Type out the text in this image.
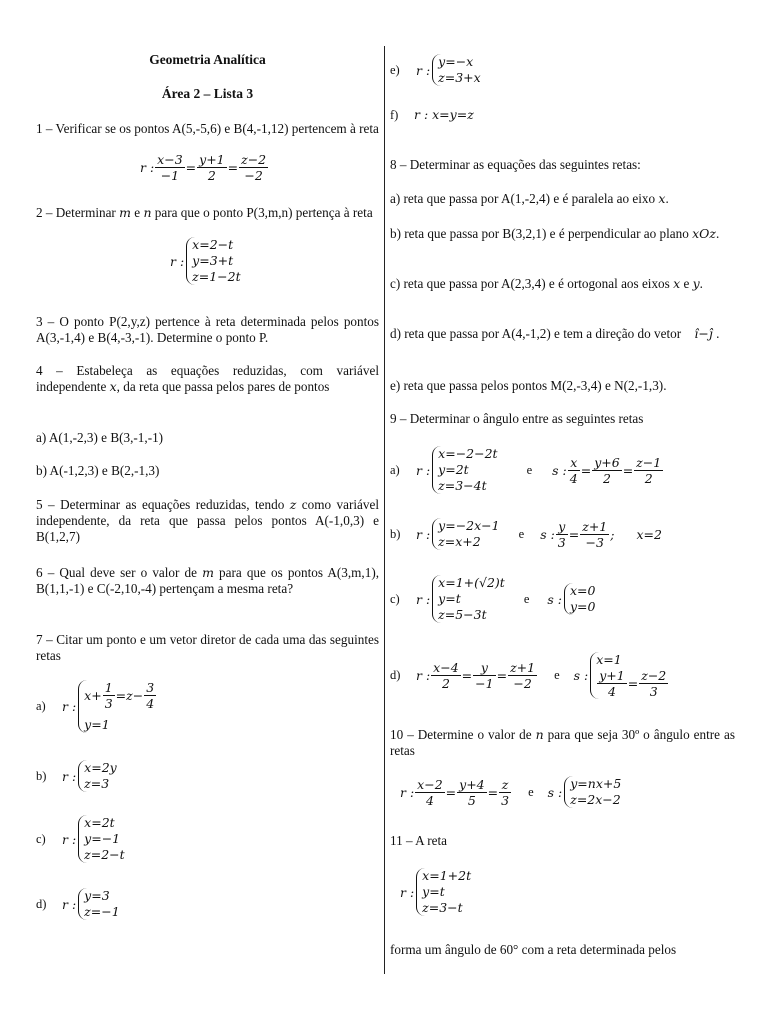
Geometria Analítica
Área 2 – Lista 3
1 – Verificar se os pontos A(5,-5,6) e B(4,-1,12) pertencem à reta
r : $\frac{x-3}{-1} = \frac{y+1}{2} = \frac{z-2}{-2}$
2 – Determinar m e n para que o ponto P(3,m,n) pertença à reta
r :
x=2−t
y=3+t
z=1−2t
3 – O ponto P(2,y,z) pertence à reta determinada pelos pontos A(3,-1,4) e B(4,-3,-1). Determine o ponto P.
4 – Estabeleça as equações reduzidas, com variável independente x, da reta que passa pelos pares de pontos
a) A(1,-2,3) e B(3,-1,-1)
b) A(-1,2,3) e B(2,-1,3)
5 – Determinar as equações reduzidas, tendo z como variável independente, da reta que passa pelos pontos A(-1,0,3) e B(1,2,7)
6 – Qual deve ser o valor de m para que os pontos A(3,m,1), B(1,1,-1) e C(-2,10,-4) pertençam a mesma reta?
7 – Citar um ponto e um vetor diretor de cada uma das seguintes retas
a)	r :
$x+ \frac{1}{3} =z- \frac{3}{4}$
y=1
b)	r :
x=2y
z=3
c)	r :
x=2t
y=−1
z=2−t
d)	r :
y=3
z=−1
e)	r :
y=−x
z=3+x
f) r : x=y=z
8 – Determinar as equações das seguintes retas:
a) reta que passa por A(1,-2,4) e é paralela ao eixo x.
b) reta que passa por B(3,2,1) e é perpendicular ao plano xOz.
c) reta que passa por A(2,3,4) e é ortogonal aos eixos x e y.
d) reta que passa por A(4,-1,2) e tem a direção do vetor î−ĵ .
e) reta que passa pelos pontos M(2,-3,4) e N(2,-1,3).
9 – Determinar o ângulo entre as seguintes retas
a)	r :
x=−2−2t
y=2t
z=3−4t
e s : $\frac{x}{4} = \frac{y+6}{2} = \frac{z-1}{2}$
b)	r :
y=−2x−1
z=x+2
e s : $\frac{y}{3} = \frac{z+1}{-3}$ ; x=2
c)	r :
x=1+(√2)t
y=t
z=5−3t
e s :
x=0
y=0
d)	r : $\frac{x-4}{2} = \frac{y}{-1} = \frac{z+1}{-2}$ e s :
x=1
$\frac{y+1}{4} = \frac{z-2}{3}$
10 – Determine o valor de n para que seja 30º o ângulo entre as retas
r : $\frac{x-2}{4} = \frac{y+4}{5} = \frac{z}{3}$ e s :
y=nx+5
z=2x−2
11 – A reta
r :
x=1+2t
y=t
z=3−t
forma um ângulo de 60° com a reta determinada pelos
